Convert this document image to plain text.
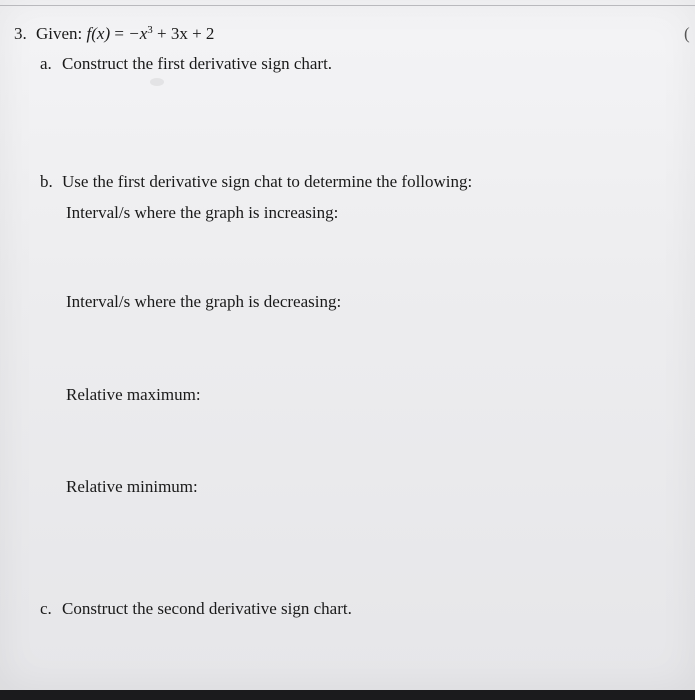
3. Given: $f(x) = -x^3 + 3x + 2$	(
a. Construct the first derivative sign chart.
b. Use the first derivative sign chat to determine the following:
Interval/s where the graph is increasing:
Interval/s where the graph is decreasing:
Relative maximum:
Relative minimum:
c. Construct the second derivative sign chart.
